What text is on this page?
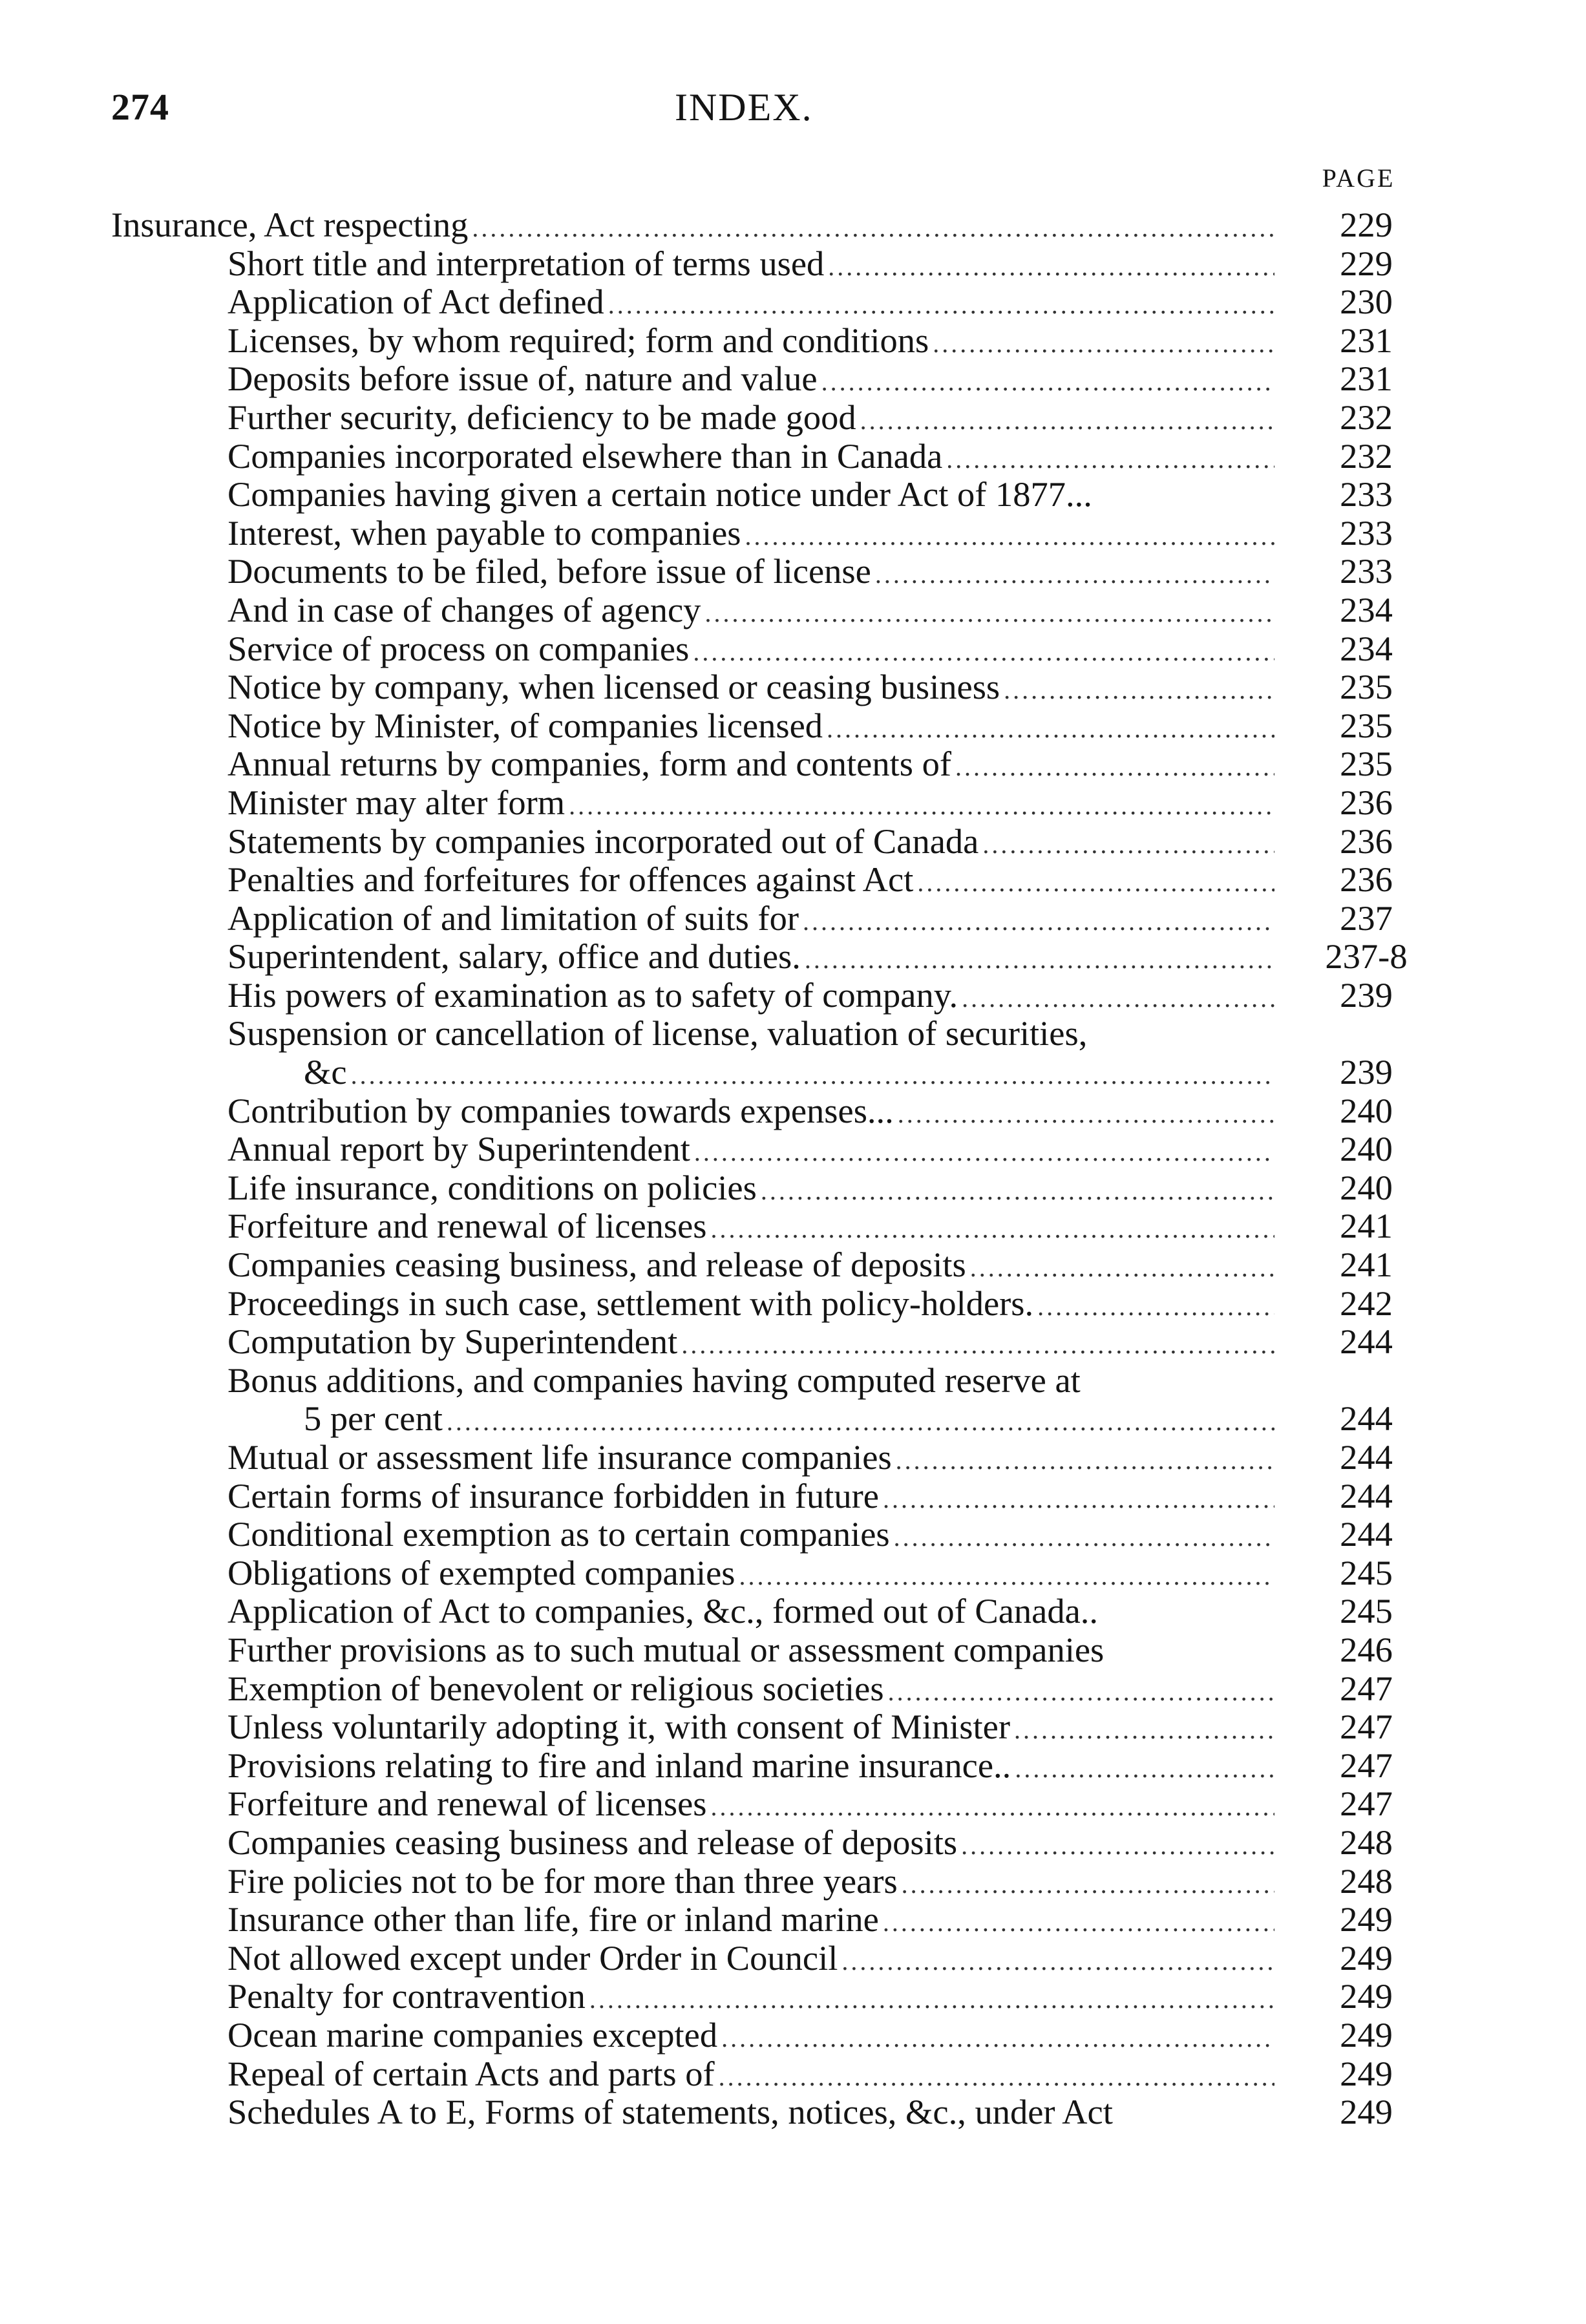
274	INDEX.
PAGE
Insurance, Act respecting .....	229
Short title and interpretation of terms used .....	229
Application of Act defined .....	230
Licenses, by whom required; form and conditions .....	231
Deposits before issue of, nature and value .....	231
Further security, deficiency to be made good .....	232
Companies incorporated elsewhere than in Canada .....	232
Companies having given a certain notice under Act of 1877...	233
Interest, when payable to companies .....	233
Documents to be filed, before issue of license .....	233
And in case of changes of agency .....	234
Service of process on companies .....	234
Notice by company, when licensed or ceasing business .....	235
Notice by Minister, of companies licensed .....	235
Annual returns by companies, form and contents of .....	235
Minister may alter form .....	236
Statements by companies incorporated out of Canada .....	236
Penalties and forfeitures for offences against Act .....	236
Application of and limitation of suits for .....	237
Superintendent, salary, office and duties. .....	237-8
His powers of examination as to safety of company. .....	239
Suspension or cancellation of license, valuation of securities,
&c .....	239
Contribution by companies towards expenses... .....	240
Annual report by Superintendent .....	240
Life insurance, conditions on policies .....	240
Forfeiture and renewal of licenses .....	241
Companies ceasing business, and release of deposits .....	241
Proceedings in such case, settlement with policy-holders. .....	242
Computation by Superintendent .....	244
Bonus additions, and companies having computed reserve at
5 per cent .....	244
Mutual or assessment life insurance companies .....	244
Certain forms of insurance forbidden in future .....	244
Conditional exemption as to certain companies .....	244
Obligations of exempted companies .....	245
Application of Act to companies, &c., formed out of Canada..	245
Further provisions as to such mutual or assessment companies	246
Exemption of benevolent or religious societies .....	247
Unless voluntarily adopting it, with consent of Minister .....	247
Provisions relating to fire and inland marine insurance.. .....	247
Forfeiture and renewal of licenses .....	247
Companies ceasing business and release of deposits .....	248
Fire policies not to be for more than three years .....	248
Insurance other than life, fire or inland marine .....	249
Not allowed except under Order in Council .....	249
Penalty for contravention .....	249
Ocean marine companies excepted .....	249
Repeal of certain Acts and parts of .....	249
Schedules A to E, Forms of statements, notices, &c., under Act	249
